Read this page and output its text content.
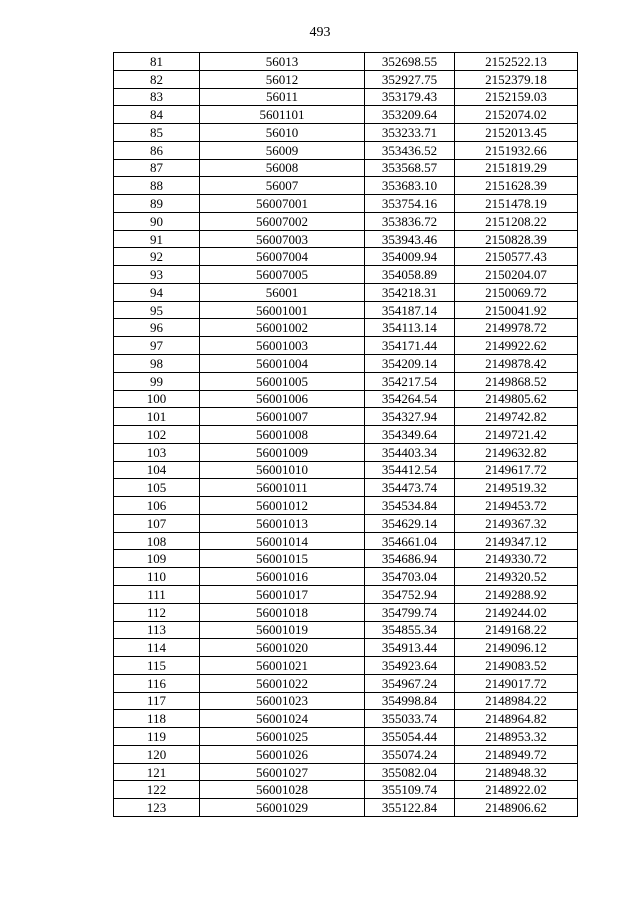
493
81	56013	352698.55	2152522.13
82	56012	352927.75	2152379.18
83	56011	353179.43	2152159.03
84	5601101	353209.64	2152074.02
85	56010	353233.71	2152013.45
86	56009	353436.52	2151932.66
87	56008	353568.57	2151819.29
88	56007	353683.10	2151628.39
89	56007001	353754.16	2151478.19
90	56007002	353836.72	2151208.22
91	56007003	353943.46	2150828.39
92	56007004	354009.94	2150577.43
93	56007005	354058.89	2150204.07
94	56001	354218.31	2150069.72
95	56001001	354187.14	2150041.92
96	56001002	354113.14	2149978.72
97	56001003	354171.44	2149922.62
98	56001004	354209.14	2149878.42
99	56001005	354217.54	2149868.52
100	56001006	354264.54	2149805.62
101	56001007	354327.94	2149742.82
102	56001008	354349.64	2149721.42
103	56001009	354403.34	2149632.82
104	56001010	354412.54	2149617.72
105	56001011	354473.74	2149519.32
106	56001012	354534.84	2149453.72
107	56001013	354629.14	2149367.32
108	56001014	354661.04	2149347.12
109	56001015	354686.94	2149330.72
110	56001016	354703.04	2149320.52
111	56001017	354752.94	2149288.92
112	56001018	354799.74	2149244.02
113	56001019	354855.34	2149168.22
114	56001020	354913.44	2149096.12
115	56001021	354923.64	2149083.52
116	56001022	354967.24	2149017.72
117	56001023	354998.84	2148984.22
118	56001024	355033.74	2148964.82
119	56001025	355054.44	2148953.32
120	56001026	355074.24	2148949.72
121	56001027	355082.04	2148948.32
122	56001028	355109.74	2148922.02
123	56001029	355122.84	2148906.62
